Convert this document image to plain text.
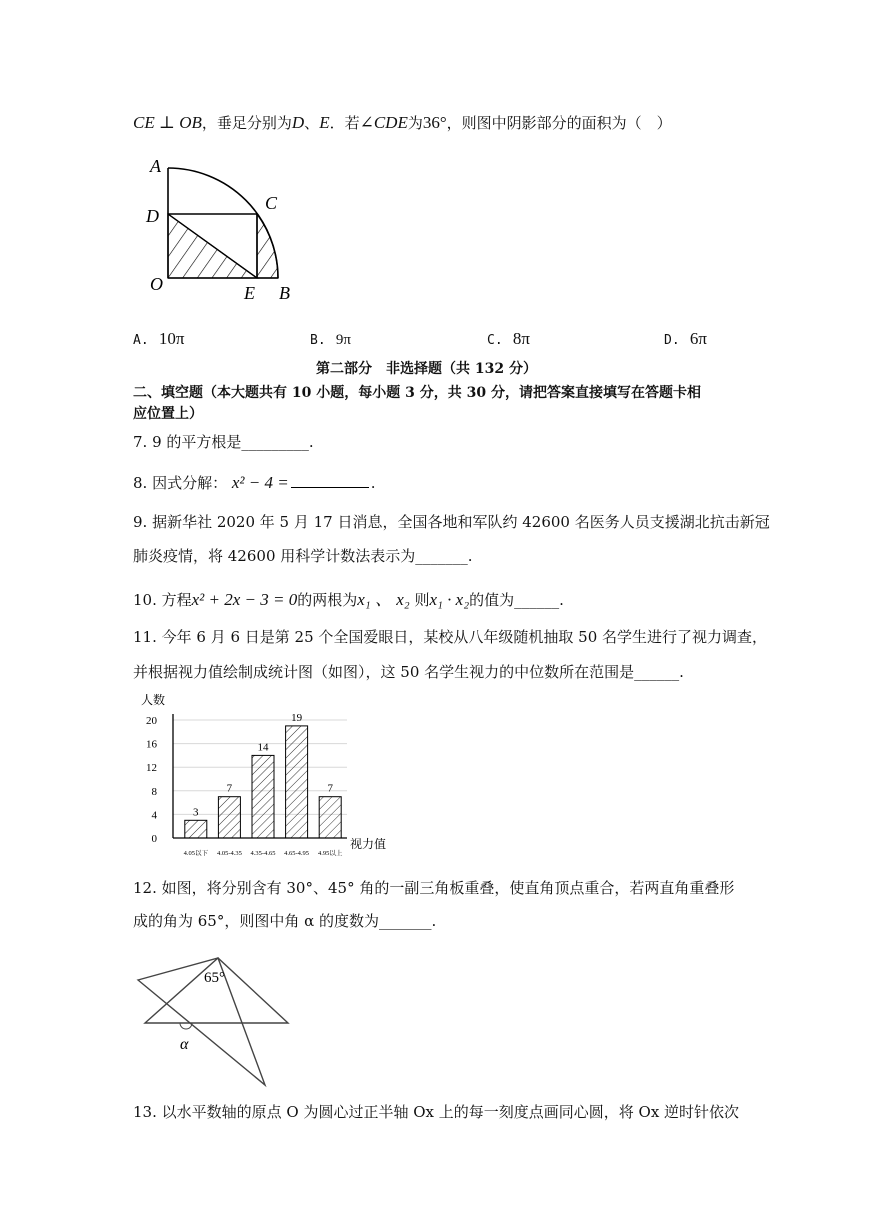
CE ⊥ OB，垂足分别为D、E．若∠CDE为36°，则图中阴影部分的面积为（　）
A
C
D
O	E B
A. 10π	B. 9π	C. 8π	D. 6π
第二部分　非选择题（共 132 分）
二、填空题（本大题共有 10 小题，每小题 3 分，共 30 分，请把答案直接填写在答题卡相
应位置上）
7. 9 的平方根是_________.
8. 因式分解： x² − 4 =	.
9. 据新华社 2020 年 5 月 17 日消息，全国各地和军队约 42600 名医务人员支援湖北抗击新冠
肺炎疫情，将 42600 用科学计数法表示为_______.
10. 方程x² + 2x − 3 = 0的两根为x₁ 、 x₂ 则x₁ · x₂的值为______.
11. 今年 6 月 6 日是第 25 个全国爱眼日，某校从八年级随机抽取 50 名学生进行了视力调查，
并根据视力值绘制成统计图（如图），这 50 名学生视力的中位数所在范围是______.
20
16
12
8
4
0
3
7
14
19
7
4.05以下 4.05-4.35 4.35-4.65 4.65-4.95 4.95以上
人数
视力值
12. 如图，将分别含有 30°、45° 角的一副三角板重叠，使直角顶点重合，若两直角重叠形
成的角为 65°，则图中角 α 的度数为_______.
65°
α
13. 以水平数轴的原点 O 为圆心过正半轴 Ox 上的每一刻度点画同心圆，将 Ox 逆时针依次
